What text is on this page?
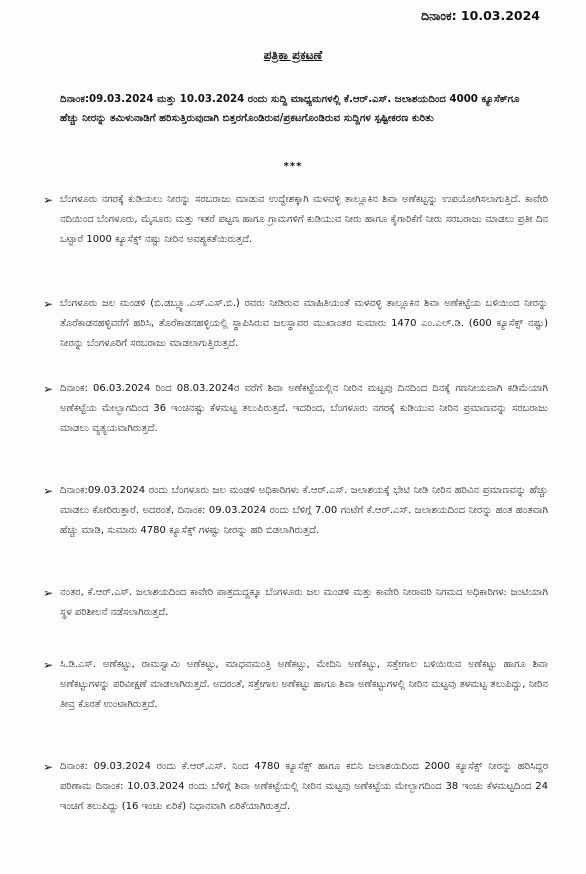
ದಿನಾಂಕ: 10.03.2024
ಪತ್ರಿಕಾ ಪ್ರಕಟಣೆ
ದಿನಾಂಕ:09.03.2024 ಮತ್ತು 10.03.2024 ರಂದು ಸುದ್ದಿ ಮಾಧ್ಯಮಗಳಲ್ಲಿ ಕೆ.ಆರ್.ಎಸ್. ಜಲಾಶಯದಿಂದ 4000 ಕ್ಯೂಸೆಕ್‌ಗೂ ಹೆಚ್ಚು ನೀರನ್ನು ತಮಿಳುನಾಡಿಗೆ ಹರಿಸುತ್ತಿರುವುದಾಗಿ ಬಿತ್ತರಗೊಂಡಿರುವ/ಪ್ರಕಟಗೊಂಡಿರುವ ಸುದ್ದಿಗಳ ಸ್ಪಷ್ಟೀಕರಣ ಕುರಿತು
***
➢
ಬೆಂಗಳೂರು ನಗರಕ್ಕೆ ಕುಡಿಯಲು ನೀರನ್ನು ಸರಬರಾಜು ಮಾಡುವ ಉದ್ದೇಶಕ್ಕಾಗಿ ಮಳವಳ್ಳಿ ತಾಲ್ಲೂಕಿನ ಶಿವಾ ಅಣೆಕಟ್ಟನ್ನು ಉಪಯೋಗಿಸಲಾಗುತ್ತಿದೆ. ಕಾವೇರಿ ನದಿಯಿಂದ ಬೆಂಗಳೂರು, ಮೈಸೂರು ಮತ್ತು ಇತರೆ ಪಟ್ಟಣ ಹಾಗೂ ಗ್ರಾಮಗಳಿಗೆ ಕುಡಿಯುವ ನೀರು ಹಾಗೂ ಕೈಗಾರಿಕೆಗೆ ನೀರು ಸರಬರಾಜು ಮಾಡಲು ಪ್ರತೀ ದಿನ ಒಟ್ಟಾರೆ 1000 ಕ್ಯೂಸೆಕ್ಸ್ ನಷ್ಟು ನೀರಿನ ಅವಶ್ಯಕತೆಯಿರುತ್ತದೆ.
➢
ಬೆಂಗಳೂರು ಜಲ ಮಂಡಳಿ (ಬಿ.ಡಬ್ಲ್ಯೂ.ಎಸ್.ಎಸ್.ಬಿ.) ರವರು ನೀಡಿರುವ ಮಾಹಿತಿಯಂತೆ ಮಳವಳ್ಳಿ ತಾಲ್ಲೂಕಿನ ಶಿವಾ ಅಣೆಕಟ್ಟೆಯ ಬಳಿಯಿಂದ ನೀರನ್ನು ತೊರೆಕಾಡನಹಳ್ಳಿವರೆಗೆ ಹರಿಸಿ, ತೊರೆಕಾಡನಹಳ್ಳಿಯಲ್ಲಿ ಸ್ಥಾಪಿಸಿರುವ ಜಲಸ್ಥಾವರ ಮುಖಾಂತರ ಸುಮಾರು 1470 ಎಂ.ಎಲ್.ಡಿ. (600 ಕ್ಯೂಸೆಕ್ಸ್ ನಷ್ಟು) ನೀರನ್ನು ಬೆಂಗಳೂರಿಗೆ ಸರಬರಾಜು ಮಾಡಲಾಗುತ್ತಿರುತ್ತದೆ.
➢
ದಿನಾಂಕ: 06.03.2024 ರಿಂದ 08.03.2024ರ ವರೆಗೆ ಶಿವಾ ಅಣೆಕಟ್ಟೆಯಲ್ಲಿನ ನೀರಿನ ಮಟ್ಟವು ದಿನದಿಂದ ದಿನಕ್ಕೆ ಗಣನೀಯವಾಗಿ ಕಡಿಮೆಯಾಗಿ ಅಣೆಕಟ್ಟೆಯ ಮೇಲ್ಭಾಗದಿಂದ 36 ಇಂಚಿನಷ್ಟು ಕೆಳಮಟ್ಟ ತಲುಪಿರುತ್ತದೆ. ಇದರಿಂದ, ಬೆಂಗಳೂರು ನಗರಕ್ಕೆ ಕುಡಿಯುವ ನೀರಿನ ಪ್ರಮಾಣವನ್ನು ಸರಬರಾಜು ಮಾಡಲು ವ್ಯತ್ಯಯವಾಗಿರುತ್ತದೆ.
➢
ದಿನಾಂಕ:09.03.2024 ರಂದು ಬೆಂಗಳೂರು ಜಲ ಮಂಡಳಿ ಅಧಿಕಾರಿಗಳು ಕೆ.ಆರ್.ಎಸ್. ಜಲಾಶಯಕ್ಕೆ ಭೇಟಿ ನೀಡಿ ನೀರಿನ ಹರಿವಿನ ಪ್ರಮಾಣವನ್ನು ಹೆಚ್ಚು ಮಾಡಲು ಕೋರಿರುತ್ತಾರೆ. ಅದರಂತೆ, ದಿನಾಂಕ: 09.03.2024 ರಂದು ಬೆಳಿಗ್ಗೆ 7.00 ಗಂಟೆಗೆ ಕೆ.ಆರ್.ಎಸ್. ಜಲಾಶಯದಿಂದ ನೀರನ್ನು ಹಂತ ಹಂತವಾಗಿ ಹೆಚ್ಚು ಮಾಡಿ, ಸುಮಾರು 4780 ಕ್ಯೂಸೆಕ್ಸ್ ಗಳಷ್ಟು ನೀರನ್ನು ಹರಿ ಬಿಡಲಾಗಿರುತ್ತದೆ.
➢
ನಂತರ, ಕೆ.ಆರ್.ಎಸ್. ಜಲಾಶಯದಿಂದ ಕಾವೇರಿ ಪಾತ್ರದುದ್ದಕ್ಕೂ ಬೆಂಗಳೂರು ಜಲ ಮಂಡಳಿ ಮತ್ತು ಕಾವೇರಿ ನೀರಾವರಿ ನಿಗಮದ ಅಧಿಕಾರಿಗಳು ಜಂಟಿಯಾಗಿ ಸ್ಥಳ ಪರಿಶೀಲನೆ ನಡೆಸಲಾಗಿರುತ್ತದೆ.
➢
ಸಿ.ಡಿ.ಎಸ್. ಅಣೆಕಟ್ಟು, ರಾಮಸ್ವಾಮಿ ಅಣೆಕಟ್ಟು, ಮಾಧವಮಂತ್ರಿ ಅಣೆಕಟ್ಟು, ಮೇದಿನಿ ಅಣೆಕಟ್ಟು, ಸತ್ತೇಗಾಲ ಬಳಿಯಿರುವ ಅಣೆಕಟ್ಟು ಹಾಗೂ ಶಿವಾ ಅಣೆಕಟ್ಟುಗಳನ್ನು ಪರಿವೀಕ್ಷಣೆ ಮಾಡಲಾಗಿರುತ್ತದೆ. ಅದರಂತೆ, ಸತ್ತೇಗಾಲ ಅಣೆಕಟ್ಟು ಹಾಗೂ ಶಿವಾ ಅಣೆಕಟ್ಟುಗಳಲ್ಲಿ ನೀರಿನ ಮಟ್ಟವು ತಳಮಟ್ಟ ತಲುಪಿದ್ದು, ನೀರಿನ ತೀವ್ರ ಕೊರತೆ ಉಂಟಾಗಿರುತ್ತದೆ.
➢
ದಿನಾಂಕ: 09.03.2024 ರಂದು ಕೆ.ಆರ್.ಎಸ್. ನಿಂದ 4780 ಕ್ಯೂಸೆಕ್ಸ್ ಹಾಗೂ ಕಬಿನಿ ಜಲಾಶಯದಿಂದ 2000 ಕ್ಯೂಸೆಕ್ಸ್ ನೀರನ್ನು ಹರಿಸಿದ್ದರ ಪರಿಣಾಮ ದಿನಾಂಕ: 10.03.2024 ರಂದು ಬೆಳಿಗ್ಗೆ ಶಿವಾ ಅಣೆಕಟ್ಟೆಯಲ್ಲಿ ನೀರಿನ ಮಟ್ಟವು ಅಣೆಕಟ್ಟೆಯ ಮೇಲ್ಭಾಗದಿಂದ 38 ಇಂಚು ಕೆಳಮಟ್ಟದಿಂದ 24 ಇಂಚಿಗೆ ತಲುಪಿದ್ದು (16 ಇಂಚು ಏರಿಕೆ) ನಿಧಾನವಾಗಿ ಏರಿಕೆಯಾಗಿರುತ್ತದೆ.
